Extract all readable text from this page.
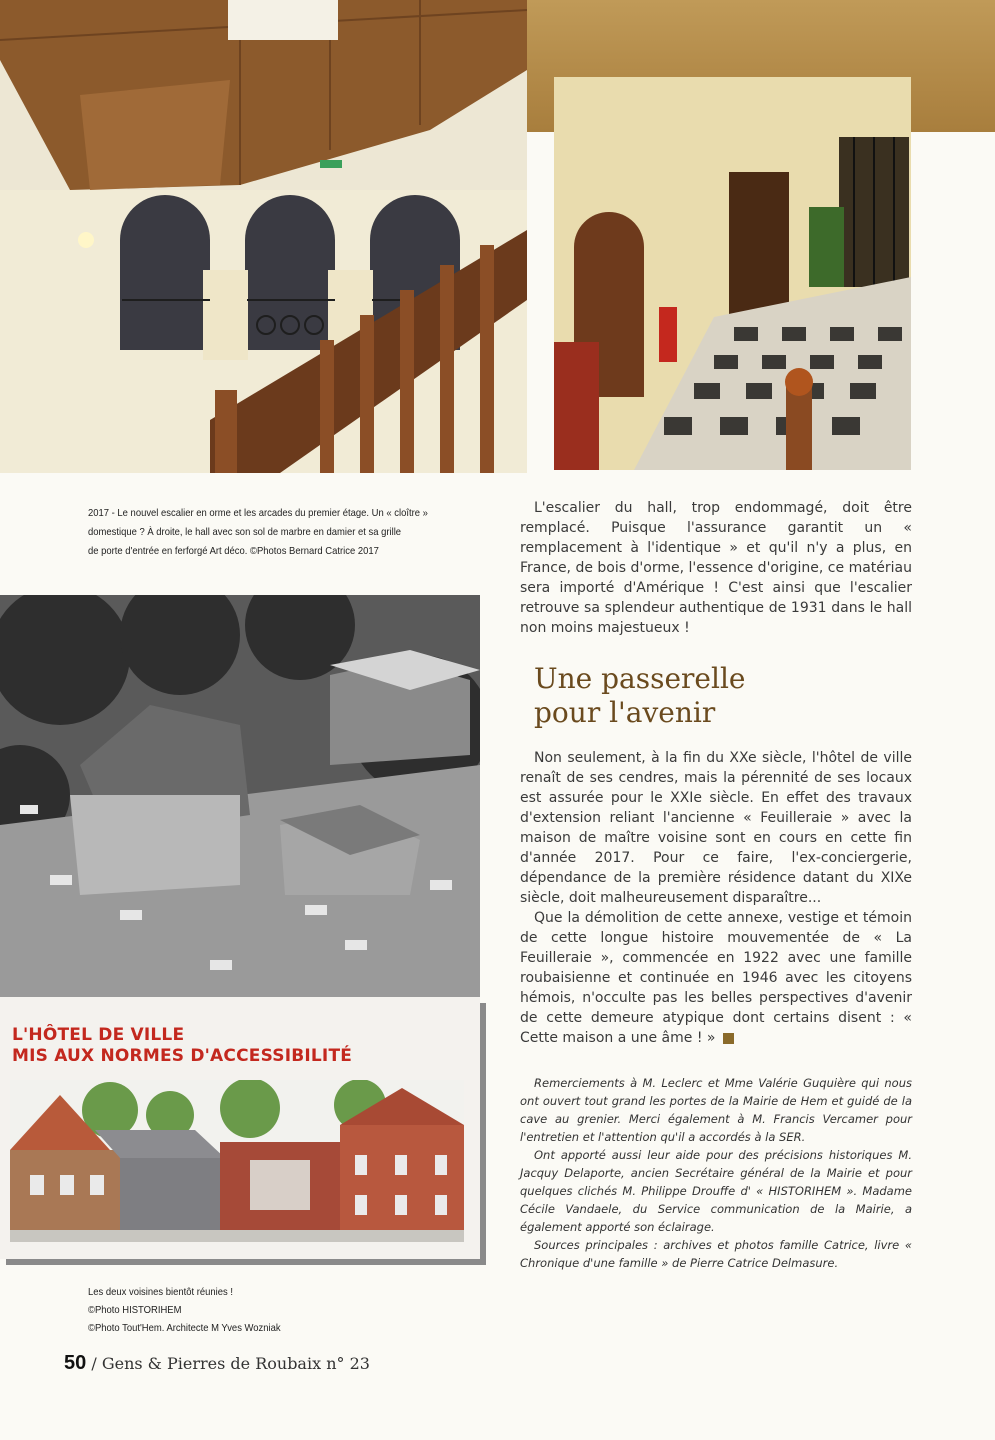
2017 - Le nouvel escalier en orme et les arcades du premier étage. Un « cloître »
domestique ? À droite, le hall avec son sol de marbre en damier et sa grille
de porte d'entrée en ferforgé Art déco. ©Photos Bernard Catrice 2017

L'escalier du hall, trop endommagé, doit être remplacé. Puisque l'assurance garantit un « remplacement à l'identique » et qu'il n'y a plus, en France, de bois d'orme, l'essence d'origine, ce matériau sera importé d'Amérique ! C'est ainsi que l'escalier retrouve sa splendeur authentique de 1931 dans le hall non moins majestueux !

L'HÔTEL DE VILLE
MIS AUX NORMES D'ACCESSIBILITÉ
Les deux voisines bientôt réunies !
©Photo HISTORIHEM
©Photo Tout'Hem. Architecte M Yves Wozniak
Une passerelle
pour l'avenir

Non seulement, à la fin du XXe siècle, l'hôtel de ville renaît de ses cendres, mais la pérennité de ses locaux est assurée pour le XXIe siècle. En effet des travaux d'extension reliant l'ancienne « Feuilleraie » avec la maison de maître voisine sont en cours en cette fin d'année 2017. Pour ce faire, l'ex-conciergerie, dépendance de la première résidence datant du XIXe siècle, doit malheureusement disparaître...

Que la démolition de cette annexe, vestige et témoin de cette longue histoire mouvementée de « La Feuilleraie », commencée en 1922 avec une famille roubaisienne et continuée en 1946 avec les citoyens hémois, n'occulte pas les belles perspectives d'avenir de cette demeure atypique dont certains disent : « Cette maison a une âme ! »

Remerciements à M. Leclerc et Mme Valérie Guquière qui nous ont ouvert tout grand les portes de la Mairie de Hem et guidé de la cave au grenier. Merci également à M. Francis Vercamer pour l'entretien et l'attention qu'il a accordés à la SER.

Ont apporté aussi leur aide pour des précisions historiques M. Jacquy Delaporte, ancien Secrétaire général de la Mairie et pour quelques clichés M. Philippe Drouffe d' « HISTORIHEM ». Madame Cécile Vandaele, du Service communication de la Mairie, a également apporté son éclairage.

Sources principales : archives et photos famille Catrice, livre « Chronique d'une famille » de Pierre Catrice Delmasure.

50 / Gens & Pierres de Roubaix n° 23
